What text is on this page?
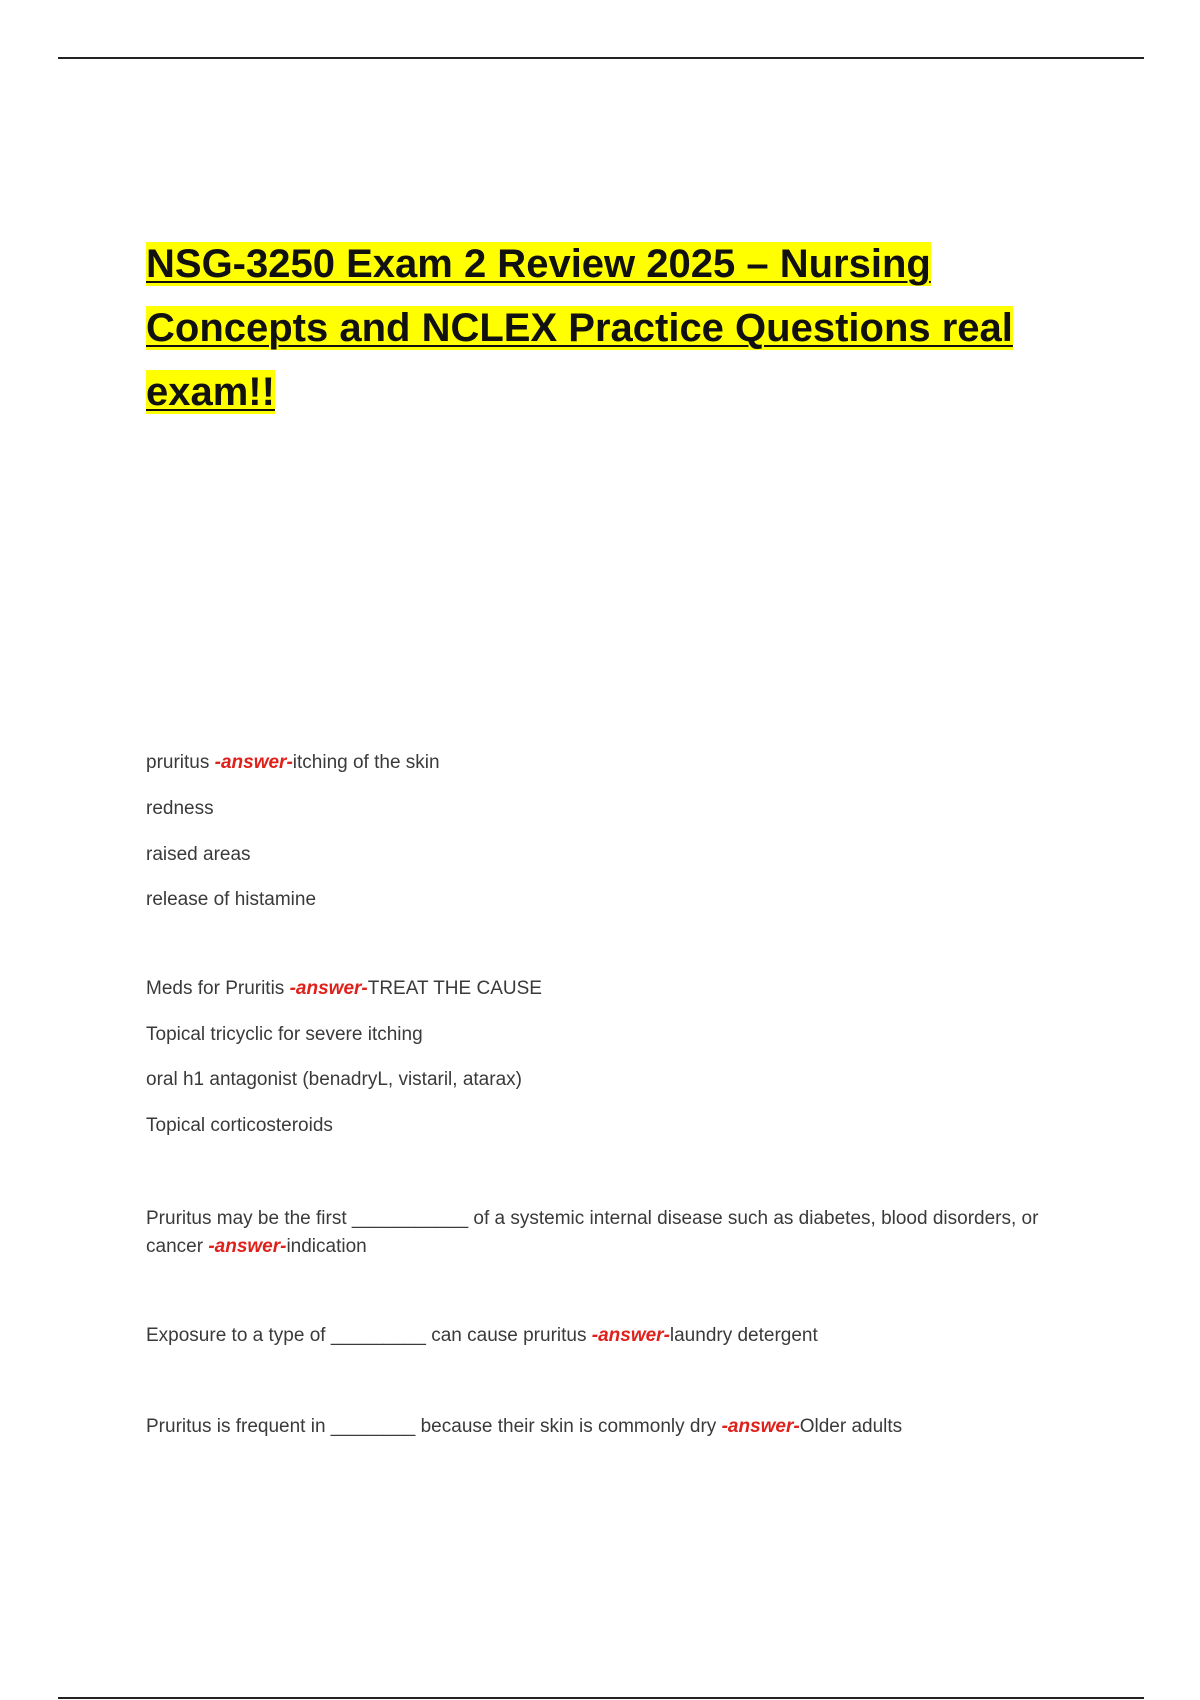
NSG-3250 Exam 2 Review 2025 – Nursing
Concepts and NCLEX Practice Questions real
exam!!

pruritus -answer-itching of the skin

redness

raised areas

release of histamine

Meds for Pruritis -answer-TREAT THE CAUSE

Topical tricyclic for severe itching

oral h1 antagonist (benadryL, vistaril, atarax)

Topical corticosteroids

Pruritus may be the first ___________ of a systemic internal disease such as diabetes, blood disorders, or cancer -answer-indication

Exposure to a type of _________ can cause pruritus -answer-laundry detergent

Pruritus is frequent in ________ because their skin is commonly dry -answer-Older adults
